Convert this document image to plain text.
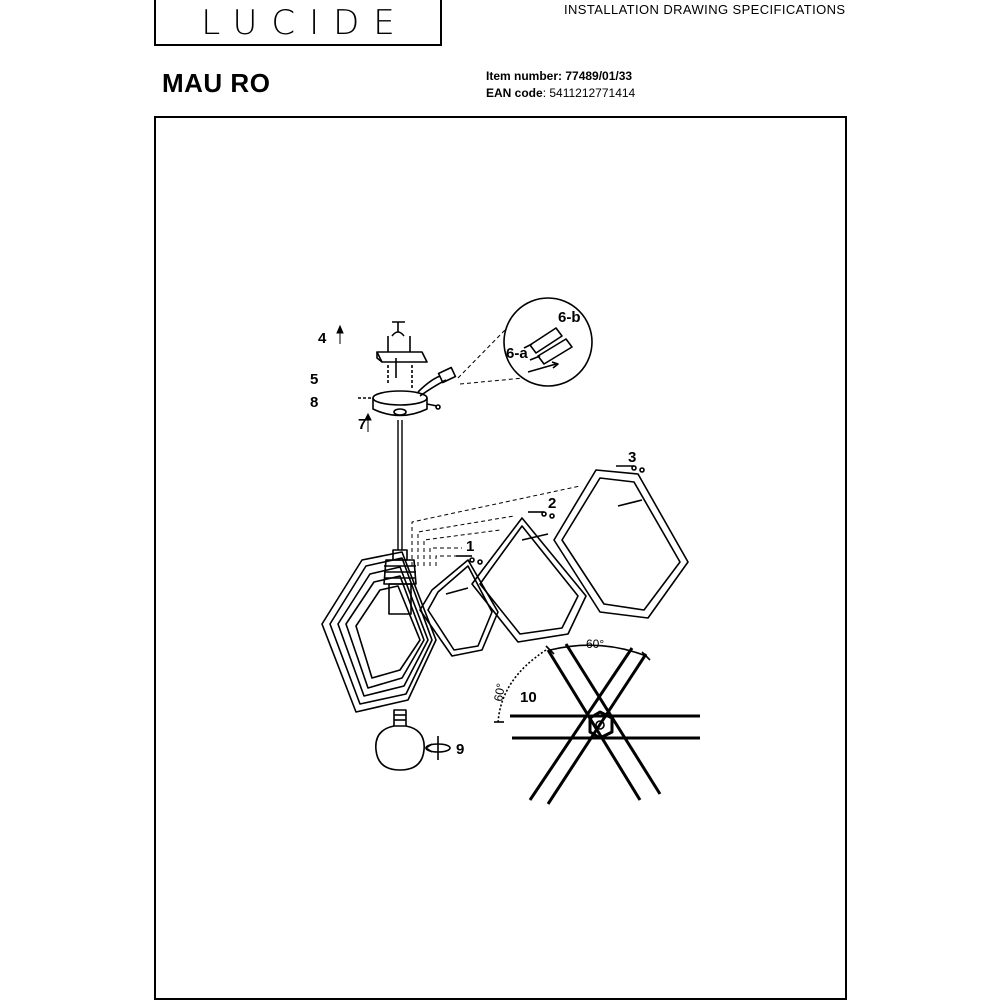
LUCIDE	INSTALLATION DRAWING SPECIFICATIONS
MAU RO	Item number: 77489/01/33
EAN code: 5411212771414
4
5
8
7
6-b
6-a
1
2
3
9
10
60°
60°
